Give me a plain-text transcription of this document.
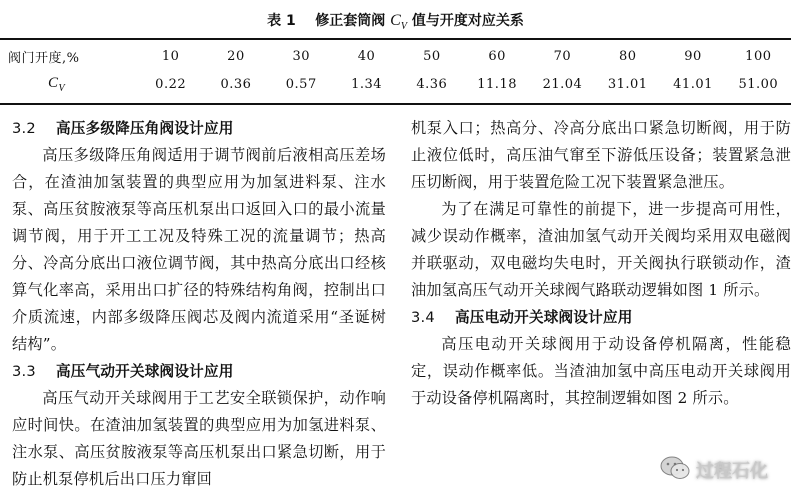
表 1 修正套筒阀 $C_V$ 值与开度对应关系
阀门开度,%	10	20	30	40	50	60	70	80	90	100
$C_V$	0.22	0.36	0.57	1.34	4.36	11.18	21.04	31.01	41.01	51.00
3.2 高压多级降压角阀设计应用
高压多级降压角阀适用于调节阀前后液相高压差场合，在渣油加氢装置的典型应用为加氢进料泵、注水泵、高压贫胺液泵等高压机泵出口返回入口的最小流量调节阀，用于开工工况及特殊工况的流量调节；热高分、冷高分底出口液位调节阀，其中热高分底出口经核算气化率高，采用出口扩径的特殊结构角阀，控制出口介质流速，内部多级降压阀芯及阀内流道采用“圣诞树结构”。
3.3 高压气动开关球阀设计应用
高压气动开关球阀用于工艺安全联锁保护，动作响应时间快。在渣油加氢装置的典型应用为加氢进料泵、注水泵、高压贫胺液泵等高压机泵出口紧急切断，用于防止机泵停机后出口压力窜回
机泵入口；热高分、冷高分底出口紧急切断阀，用于防止液位低时，高压油气窜至下游低压设备；装置紧急泄压切断阀，用于装置危险工况下装置紧急泄压。
为了在满足可靠性的前提下，进一步提高可用性，减少误动作概率，渣油加氢气动开关阀均采用双电磁阀并联驱动，双电磁均失电时，开关阀执行联锁动作，渣油加氢高压气动开关球阀气路联动逻辑如图 1 所示。
3.4 高压电动开关球阀设计应用
高压电动开关球阀用于动设备停机隔离，性能稳定，误动作概率低。当渣油加氢中高压电动开关球阀用于动设备停机隔离时，其控制逻辑如图 2 所示。
过程石化
